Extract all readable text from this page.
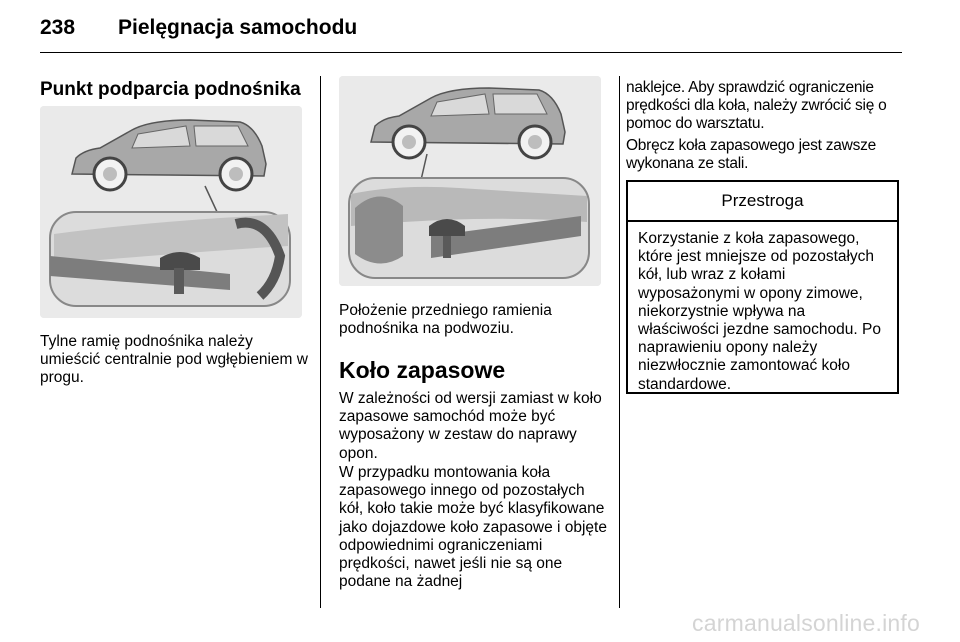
238 Pielęgnacja samochodu
Punkt podparcia podnośnika

Tylne ramię podnośnika należy umieścić centralnie pod wgłębieniem w progu.

Położenie przedniego ramienia podnośnika na podwoziu.

Koło zapasowe

W zależności od wersji zamiast w koło zapasowe samochód może być wyposażony w zestaw do naprawy opon.

W przypadku montowania koła zapasowego innego od pozostałych kół, koło takie może być klasyfikowane jako dojazdowe koło zapasowe i objęte odpowiednimi ograniczeniami prędkości, nawet jeśli nie są one podane na żadnej

naklejce. Aby sprawdzić ograniczenie prędkości dla koła, należy zwrócić się o pomoc do warsztatu.

Obręcz koła zapasowego jest zawsze wykonana ze stali.

Przestroga
Korzystanie z koła zapasowego, które jest mniejsze od pozostałych kół, lub wraz z kołami wyposażonymi w opony zimowe, niekorzystnie wpływa na właściwości jezdne samochodu. Po naprawieniu opony należy niezwłocznie zamontować koło standardowe.
carmanualsonline.info
